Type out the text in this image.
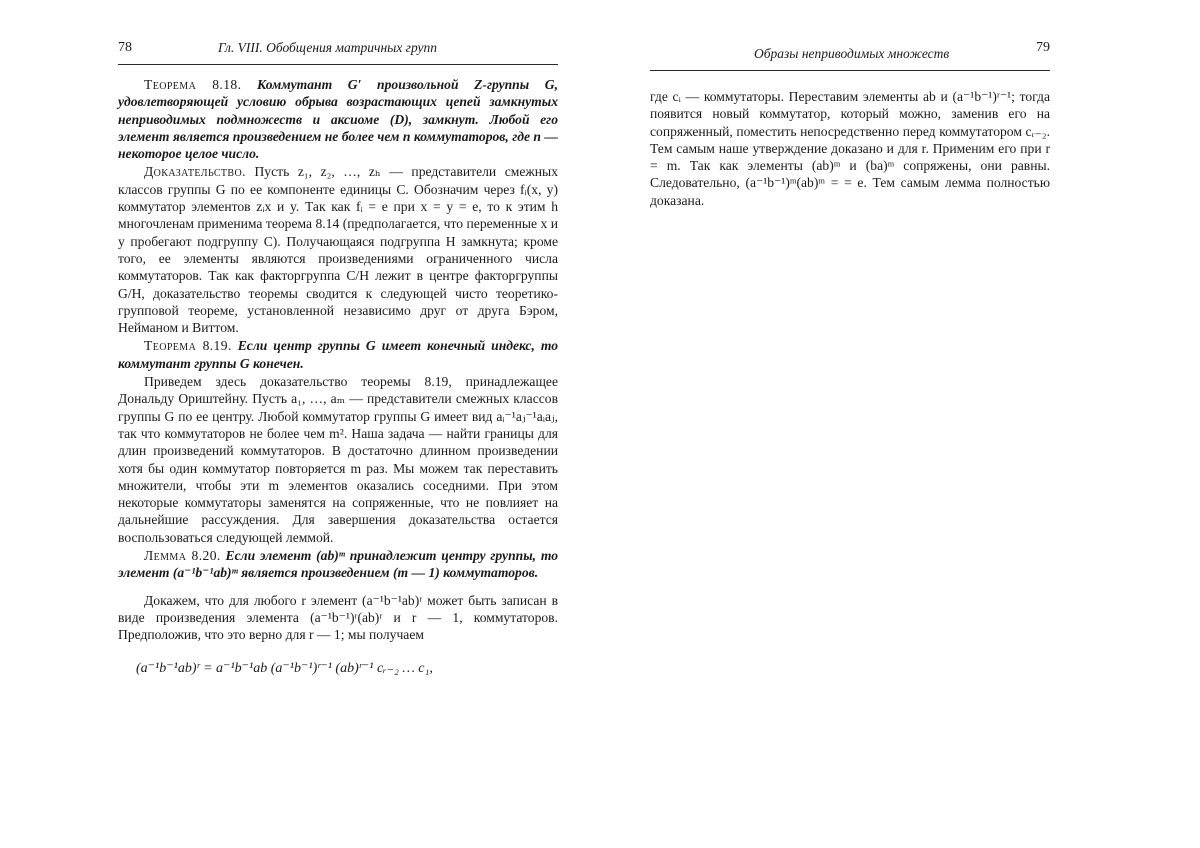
78	Гл. VIII. Обобщения матричных групп

Теорема 8.18. Коммутант G′ произвольной Z-группы G, удовлетворяющей условию обрыва возрастающих цепей замкнутых неприводимых подмножеств и аксиоме (D), замкнут. Любой его элемент является произведением не более чем n коммутаторов, где n — некоторое целое число.

Доказательство. Пусть z₁, z₂, …, zₕ — представители смежных классов группы G по ее компоненте единицы C. Обозначим через fᵢ(x, y) коммутатор элементов zᵢx и y. Так как fᵢ = e при x = y = e, то к этим h многочленам применима теорема 8.14 (предполагается, что переменные x и y пробегают подгруппу C). Получающаяся подгруппа H замкнута; кроме того, ее элементы являются произведениями ограниченного числа коммутаторов. Так как факторгруппа C/H лежит в центре факторгруппы G/H, доказательство теоремы сводится к следующей чисто теоретико-групповой теореме, установленной независимо друг от друга Бэром, Нейманом и Виттом.

Теорема 8.19. Если центр группы G имеет конечный индекс, то коммутант группы G конечен.

Приведем здесь доказательство теоремы 8.19, принадлежащее Дональду Ориштейну. Пусть a₁, …, aₘ — представители смежных классов группы G по ее центру. Любой коммутатор группы G имеет вид aᵢ⁻¹aⱼ⁻¹aᵢaⱼ, так что коммутаторов не более чем m². Наша задача — найти границы для длин произведений коммутаторов. В достаточно длинном произведении хотя бы один коммутатор повторяется m раз. Мы можем так переставить множители, чтобы эти m элементов оказались соседними. При этом некоторые коммутаторы заменятся на сопряженные, что не повлияет на дальнейшие рассуждения. Для завершения доказательства остается воспользоваться следующей леммой.

Лемма 8.20. Если элемент (ab)ᵐ принадлежит центру группы, то элемент (a⁻¹b⁻¹ab)ᵐ является произведением (m — 1) коммутаторов.

Докажем, что для любого r элемент (a⁻¹b⁻¹ab)ʳ может быть записан в виде произведения элемента (a⁻¹b⁻¹)ʳ(ab)ʳ и r — 1, коммутаторов. Предположив, что это верно для r — 1; мы получаем

(a⁻¹b⁻¹ab)ʳ = a⁻¹b⁻¹ab (a⁻¹b⁻¹)ʳ⁻¹ (ab)ʳ⁻¹ cᵣ₋₂ … c₁,
Образы неприводимых множеств	79

где cᵢ — коммутаторы. Переставим элементы ab и (a⁻¹b⁻¹)ʳ⁻¹; тогда появится новый коммутатор, который можно, заменив его на сопряженный, поместить непосредственно перед коммутатором cᵣ₋₂. Тем самым наше утверждение доказано и для r. Применим его при r = m. Так как элементы (ab)ᵐ и (ba)ᵐ сопряжены, они равны. Следовательно, (a⁻¹b⁻¹)ᵐ(ab)ᵐ = = e. Тем самым лемма полностью доказана.
